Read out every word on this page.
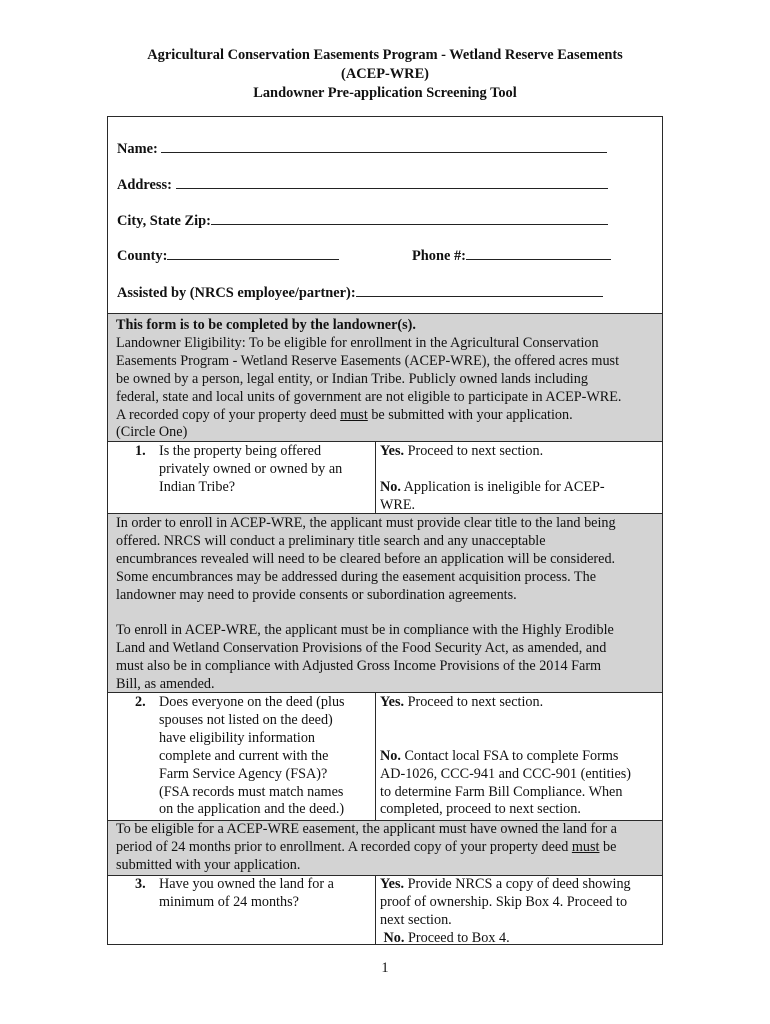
Agricultural Conservation Easements Program - Wetland Reserve Easements
(ACEP-WRE)
Landowner Pre-application Screening Tool
Name:
Address:
City, State Zip:
County:	Phone #:
Assisted by (NRCS employee/partner):

This form is to be completed by the landowner(s).

Landowner Eligibility: To be eligible for enrollment in the Agricultural Conservation

Easements Program - Wetland Reserve Easements (ACEP-WRE), the offered acres must

be owned by a person, legal entity, or Indian Tribe. Publicly owned lands including

federal, state and local units of government are not eligible to participate in ACEP-WRE.

A recorded copy of your property deed must be submitted with your application.

(Circle One)

1. Is the property being offered

privately owned or owned by an

Indian Tribe?

Yes. Proceed to next section.

No. Application is ineligible for ACEP-

WRE.

In order to enroll in ACEP-WRE, the applicant must provide clear title to the land being

offered. NRCS will conduct a preliminary title search and any unacceptable

encumbrances revealed will need to be cleared before an application will be considered.

Some encumbrances may be addressed during the easement acquisition process. The

landowner may need to provide consents or subordination agreements.

To enroll in ACEP-WRE, the applicant must be in compliance with the Highly Erodible

Land and Wetland Conservation Provisions of the Food Security Act, as amended, and

must also be in compliance with Adjusted Gross Income Provisions of the 2014 Farm

Bill, as amended.

2. Does everyone on the deed (plus

spouses not listed on the deed)

have eligibility information

complete and current with the

Farm Service Agency (FSA)?

(FSA records must match names

on the application and the deed.)

Yes. Proceed to next section.

No. Contact local FSA to complete Forms

AD-1026, CCC-941 and CCC-901 (entities)

to determine Farm Bill Compliance. When

completed, proceed to next section.

To be eligible for a ACEP-WRE easement, the applicant must have owned the land for a

period of 24 months prior to enrollment. A recorded copy of your property deed must be

submitted with your application.

3. Have you owned the land for a

minimum of 24 months?

Yes. Provide NRCS a copy of deed showing

proof of ownership. Skip Box 4. Proceed to

next section.

No. Proceed to Box 4.

1
